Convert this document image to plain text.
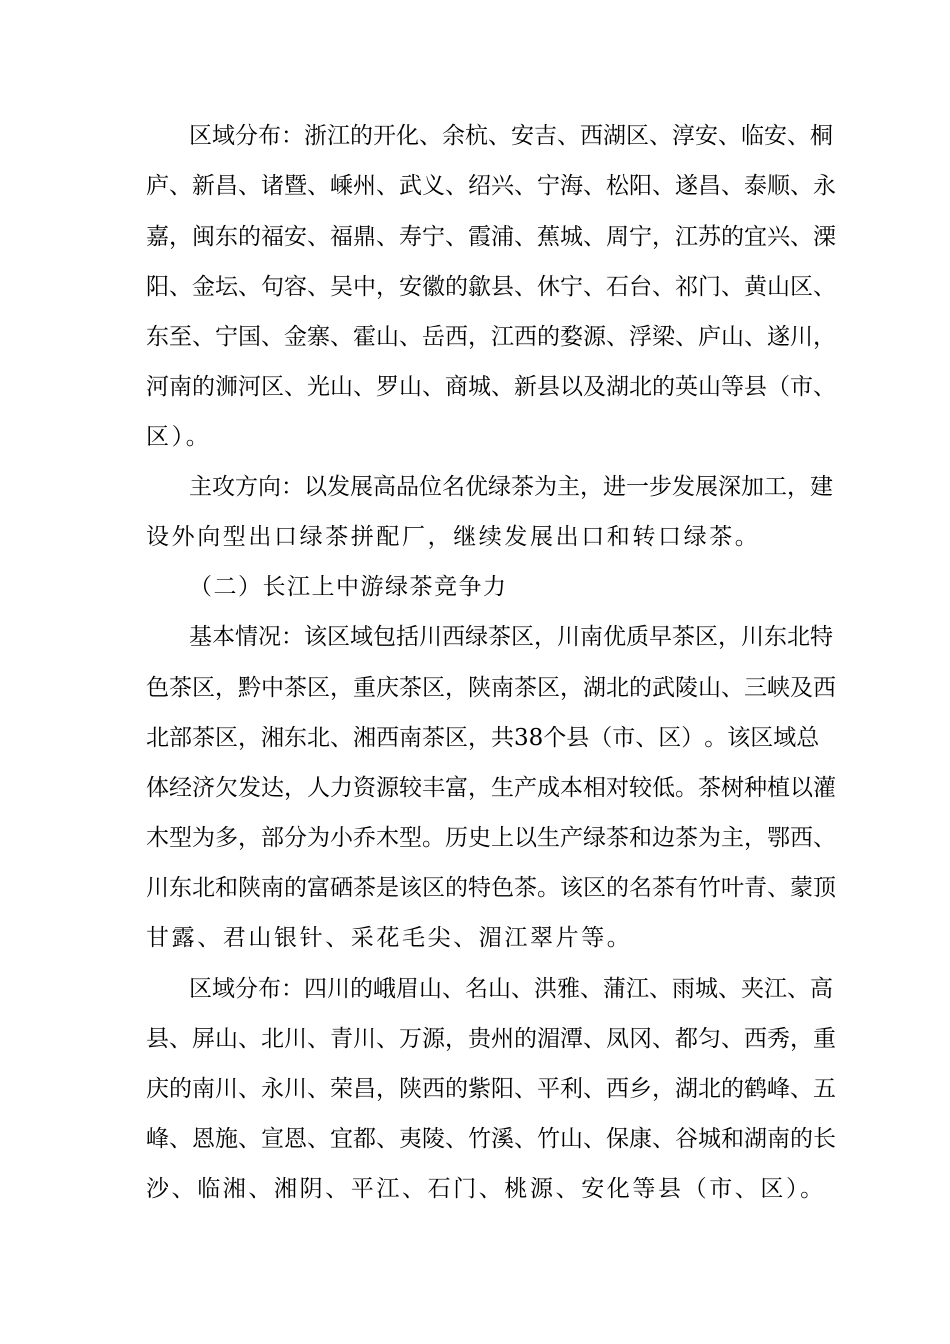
区 域 分 布 ： 浙 江 的 开 化 、 余 杭 、 安 吉 、 西 湖 区 、 淳 安 、 临 安 、 桐
庐 、 新 昌 、 诸 暨 、 嵊 州 、 武 义 、 绍 兴 、 宁 海 、 松 阳 、 遂 昌 、 泰 顺 、 永
嘉 ， 闽 东 的 福 安 、 福 鼎 、 寿 宁 、 霞 浦 、 蕉 城 、 周 宁 ， 江 苏 的 宜 兴 、 溧
阳 、 金 坛 、 句 容 、 吴 中 ， 安 徽 的 歙 县 、 休 宁 、 石 台 、 祁 门 、 黄 山 区 、
东 至 、 宁 国 、 金 寨 、 霍 山 、 岳 西 ， 江 西 的 婺 源 、 浮 梁 、 庐 山 、 遂 川 ，
河 南 的 浉 河 区 、 光 山 、 罗 山 、 商 城 、 新 县 以 及 湖 北 的 英 山 等 县 （ 市 、
区）。
主 攻 方 向 ： 以 发 展 高 品 位 名 优 绿 茶 为 主 ， 进 一 步 发 展 深 加 工 ， 建
设外向型出口绿茶拼配厂，继续发展出口和转口绿茶。
（二）长江上中游绿茶竞争力
基 本 情 况 ： 该 区 域 包 括 川 西 绿 茶 区 ， 川 南 优 质 早 茶 区 ， 川 东 北 特
色 茶 区 ， 黔 中 茶 区 ， 重 庆 茶 区 ， 陕 南 茶 区 ， 湖 北 的 武 陵 山 、 三 峡 及 西
北 部 茶 区 ， 湘 东 北 、 湘 西 南 茶 区 ， 共 3 8 个 县 （ 市 、 区 ） 。 该 区 域 总
体 经 济 欠 发 达 ， 人 力 资 源 较 丰 富 ， 生 产 成 本 相 对 较 低 。 茶 树 种 植 以 灌
木 型 为 多 ， 部 分 为 小 乔 木 型 。 历 史 上 以 生 产 绿 茶 和 边 茶 为 主 ， 鄂 西 、
川 东 北 和 陕 南 的 富 硒 茶 是 该 区 的 特 色 茶 。 该 区 的 名 茶 有 竹 叶 青 、 蒙 顶
甘露、君山银针、采花毛尖、湄江翠片等。
区 域 分 布 ： 四 川 的 峨 眉 山 、 名 山 、 洪 雅 、 蒲 江 、 雨 城 、 夹 江 、 高
县 、 屏 山 、 北 川 、 青 川 、 万 源 ， 贵 州 的 湄 潭 、 凤 冈 、 都 匀 、 西 秀 ， 重
庆 的 南 川 、 永 川 、 荣 昌 ， 陕 西 的 紫 阳 、 平 利 、 西 乡 ， 湖 北 的 鹤 峰 、 五
峰 、 恩 施 、 宣 恩 、 宜 都 、 夷 陵 、 竹 溪 、 竹 山 、 保 康 、 谷 城 和 湖 南 的 长
沙、临湘、湘阴、平江、石门、桃源、安化等县（市、区）。
